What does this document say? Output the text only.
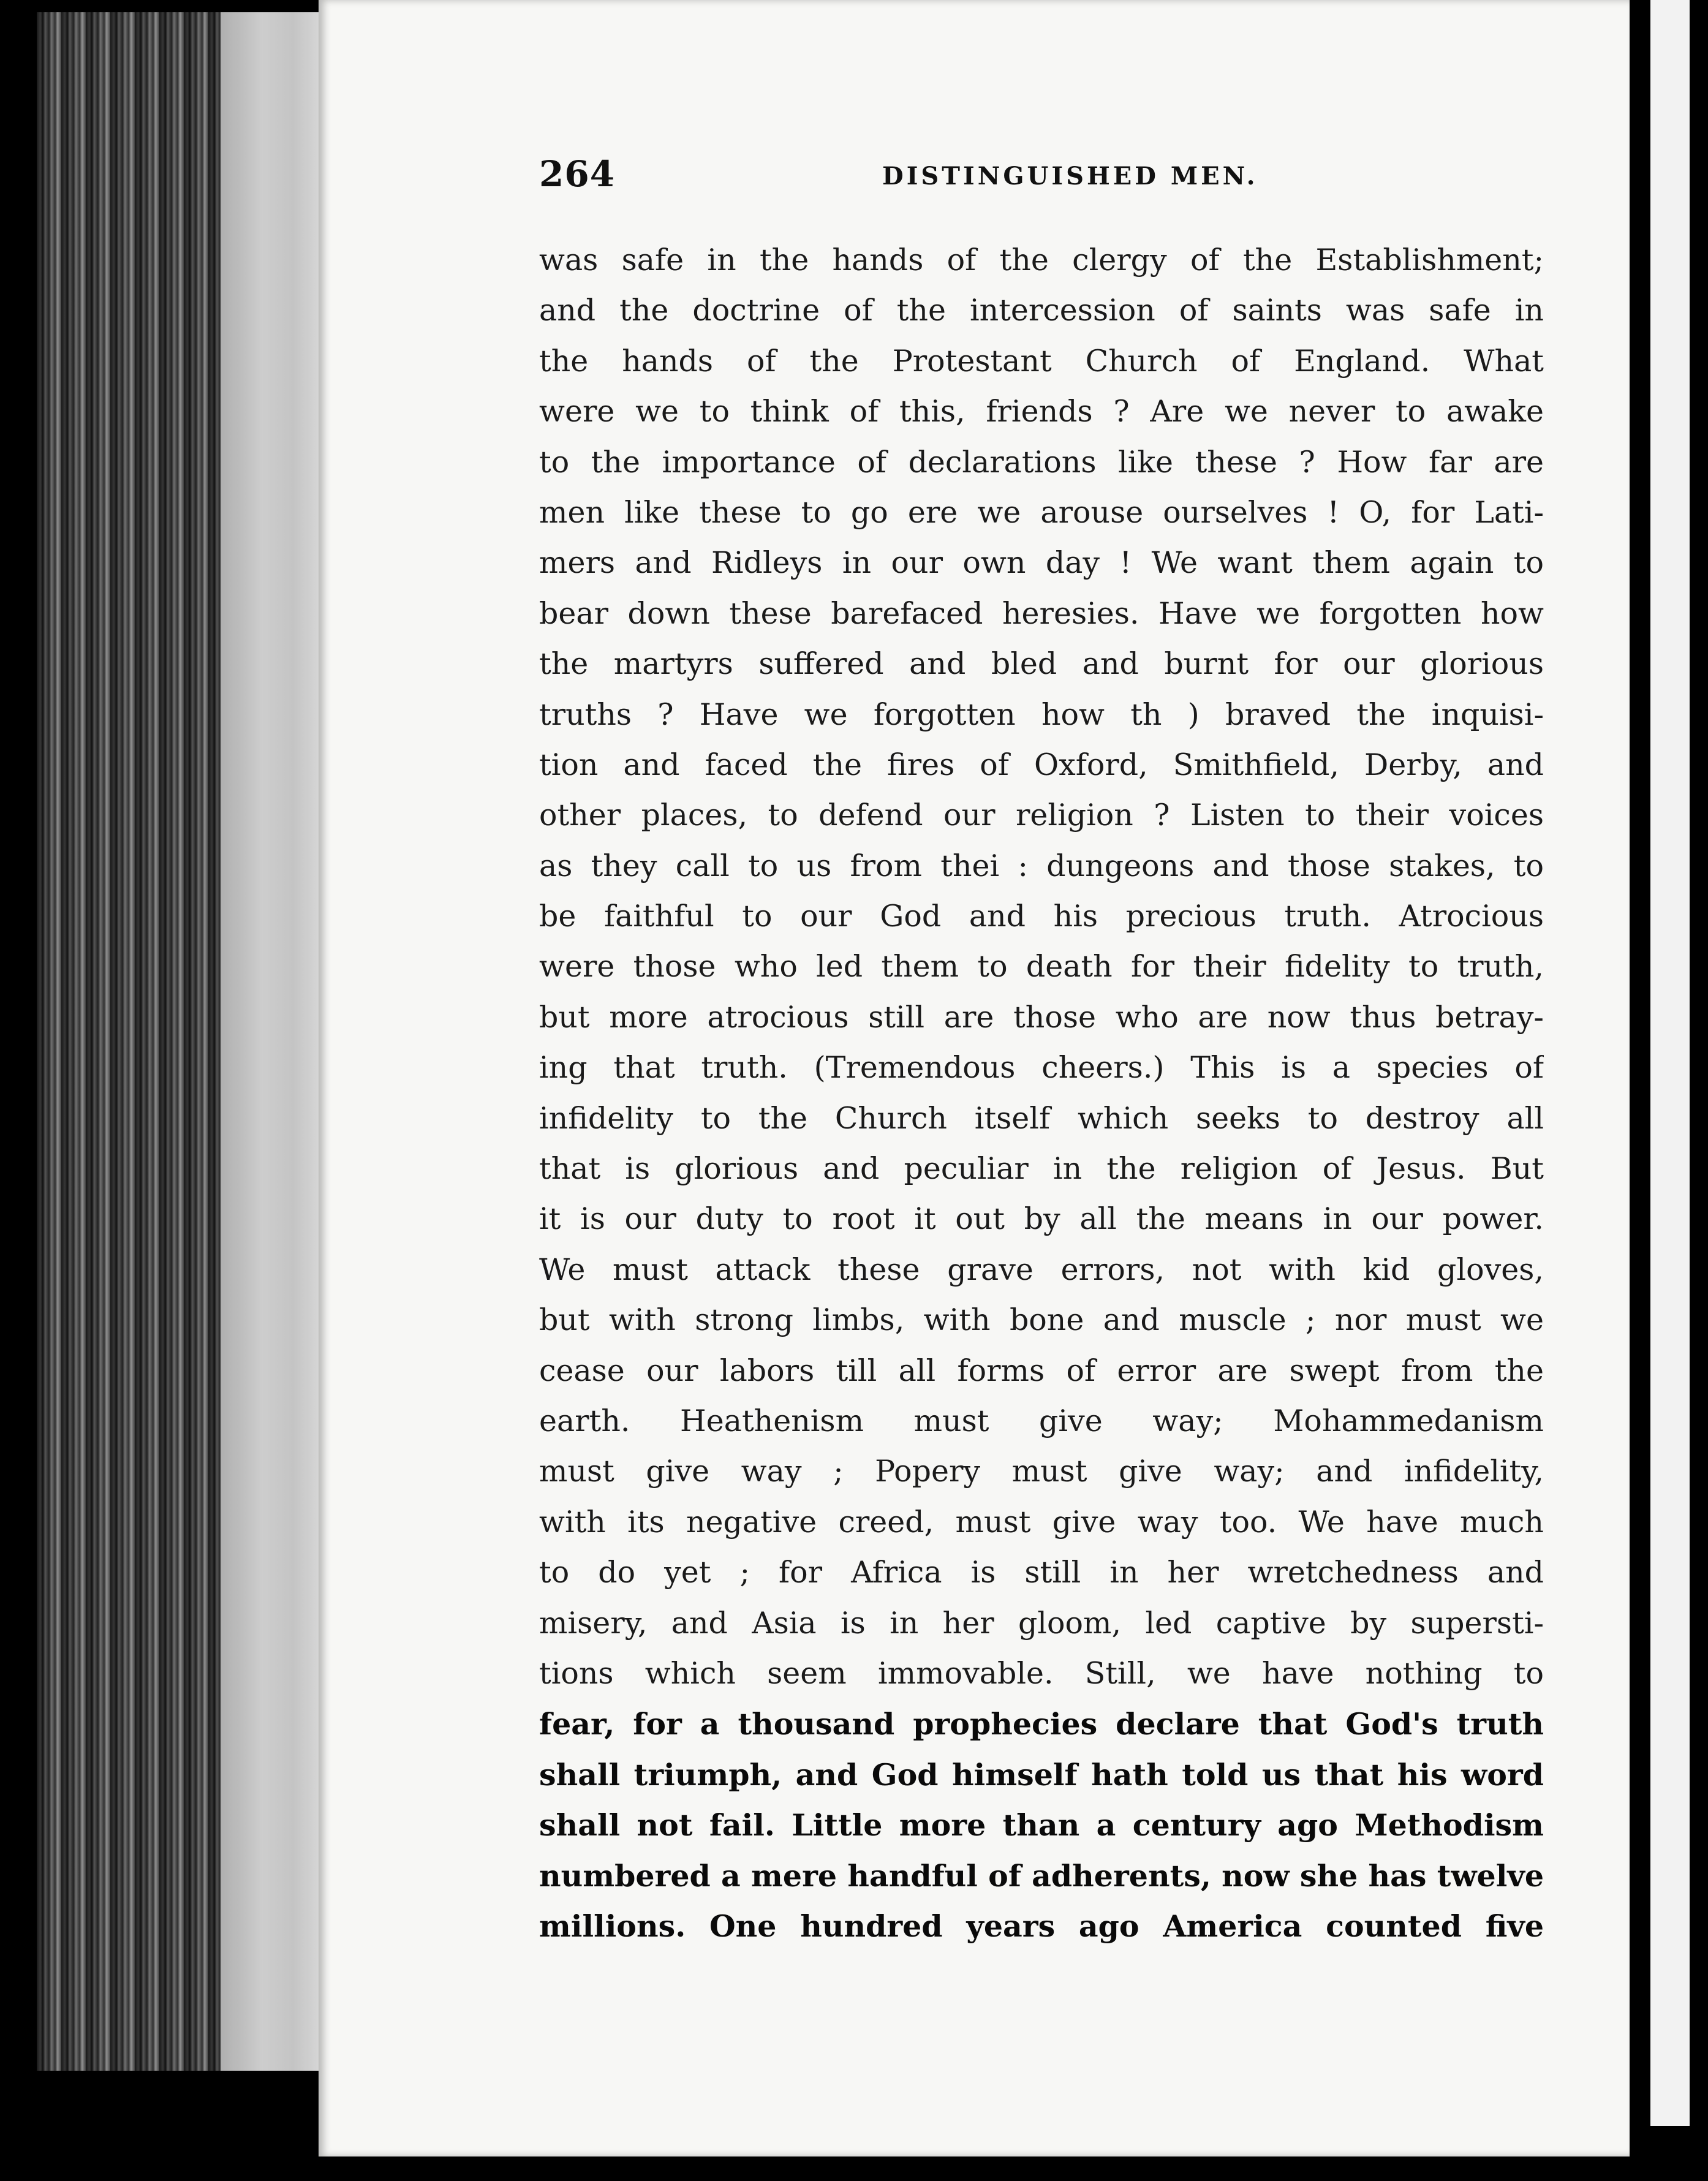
264	DISTINGUISHED MEN.
was safe in the hands of the clergy of the Establishment;
and the doctrine of the intercession of saints was safe in
the hands of the Protestant Church of England. What
were we to think of this, friends ? Are we never to awake
to the importance of declarations like these ? How far are
men like these to go ere we arouse ourselves ! O, for Lati-
mers and Ridleys in our own day ! We want them again to
bear down these barefaced heresies. Have we forgotten how
the martyrs suffered and bled and burnt for our glorious
truths ? Have we forgotten how th ) braved the inquisi-
tion and faced the fires of Oxford, Smithfield, Derby, and
other places, to defend our religion ? Listen to their voices
as they call to us from thei : dungeons and those stakes, to
be faithful to our God and his precious truth. Atrocious
were those who led them to death for their fidelity to truth,
but more atrocious still are those who are now thus betray-
ing that truth. (Tremendous cheers.) This is a species of
infidelity to the Church itself which seeks to destroy all
that is glorious and peculiar in the religion of Jesus. But
it is our duty to root it out by all the means in our power.
We must attack these grave errors, not with kid gloves,
but with strong limbs, with bone and muscle ; nor must we
cease our labors till all forms of error are swept from the
earth. Heathenism must give way; Mohammedanism
must give way ; Popery must give way; and infidelity,
with its negative creed, must give way too. We have much
to do yet ; for Africa is still in her wretchedness and
misery, and Asia is in her gloom, led captive by supersti-
tions which seem immovable. Still, we have nothing to
fear, for a thousand prophecies declare that God's truth
shall triumph, and God himself hath told us that his word
shall not fail. Little more than a century ago Methodism
numbered a mere handful of adherents, now she has twelve
millions. One hundred years ago America counted five
